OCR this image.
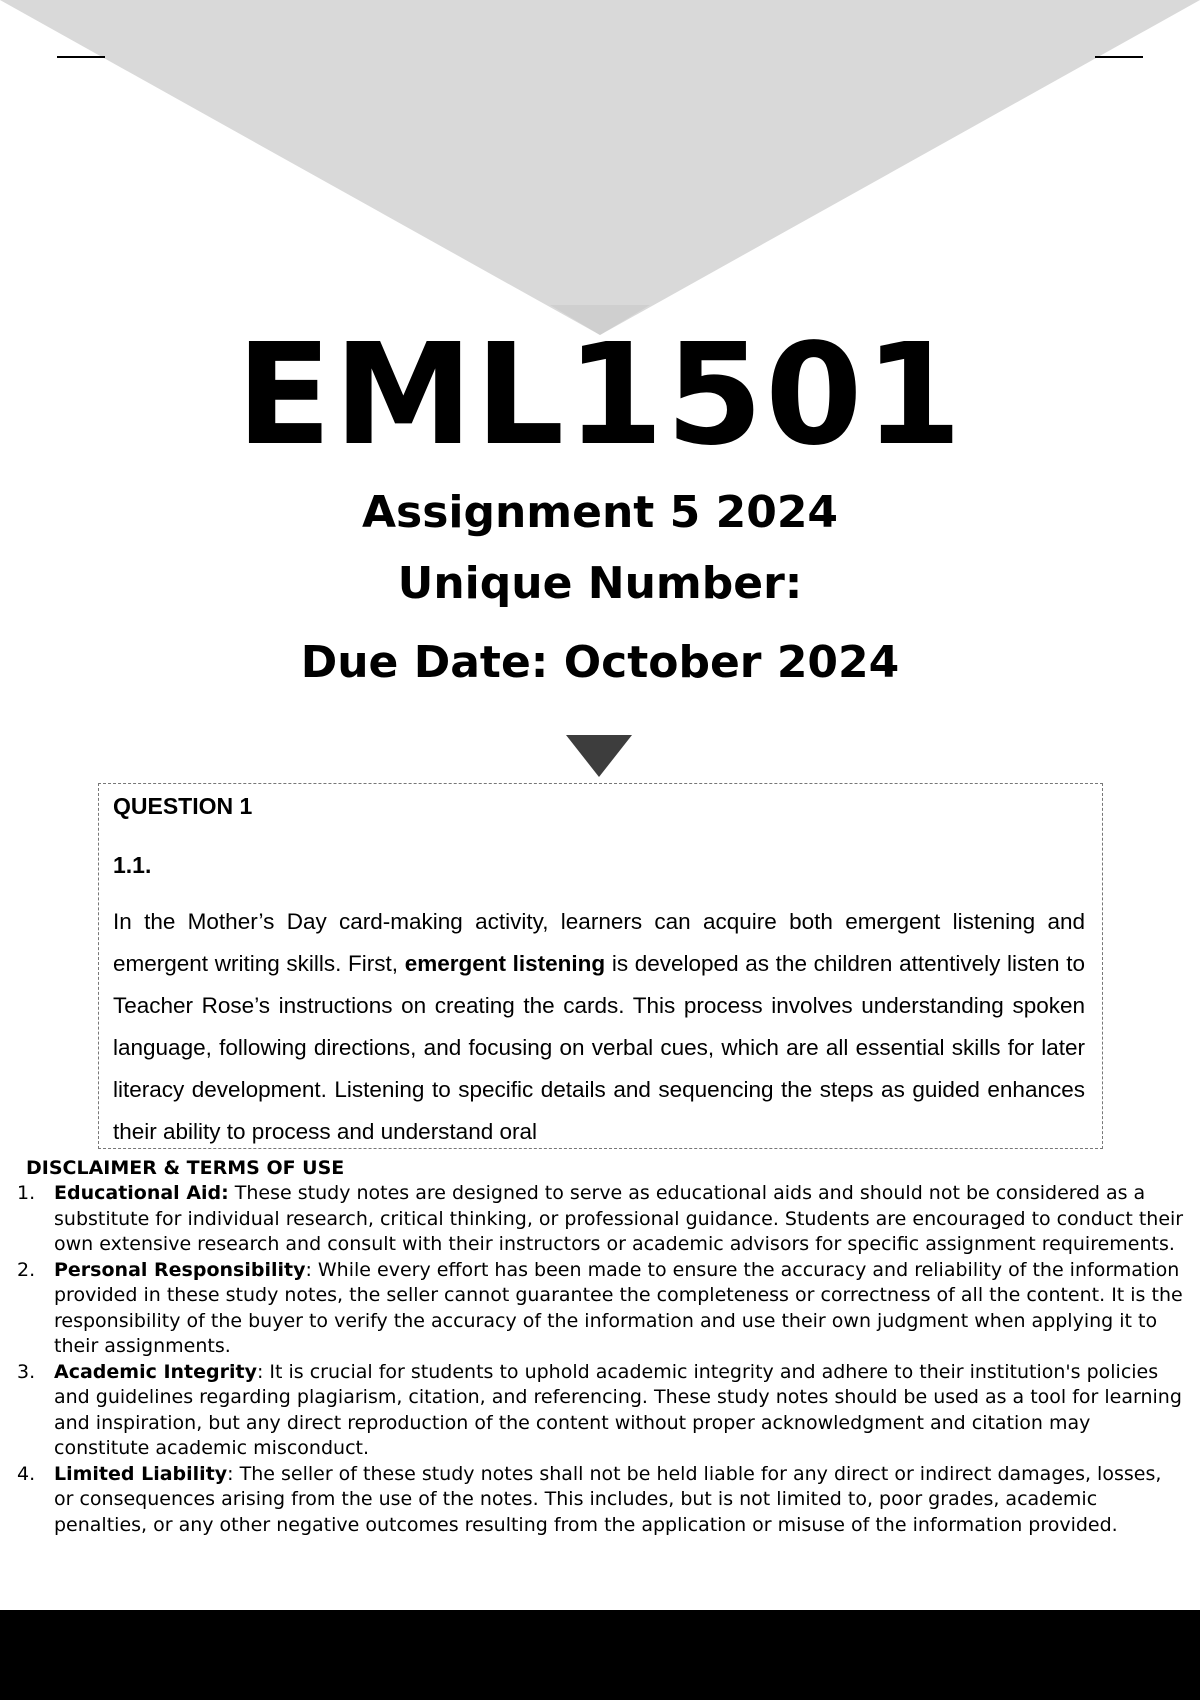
EML1501

Assignment 5 2024

Unique Number:

Due Date: October 2024

QUESTION 1

1.1.

In the Mother’s Day card-making activity, learners can acquire both emergent listening and emergent writing skills. First, emergent listening is developed as the children attentively listen to Teacher Rose’s instructions on creating the cards. This process involves understanding spoken language, following directions, and focusing on verbal cues, which are all essential skills for later literacy development. Listening to specific details and sequencing the steps as guided enhances their ability to process and understand oral

DISCLAIMER & TERMS OF USE

1. Educational Aid: These study notes are designed to serve as educational aids and should not be considered as a substitute for individual research, critical thinking, or professional guidance. Students are encouraged to conduct their own extensive research and consult with their instructors or academic advisors for specific assignment requirements.
2. Personal Responsibility: While every effort has been made to ensure the accuracy and reliability of the information provided in these study notes, the seller cannot guarantee the completeness or correctness of all the content. It is the responsibility of the buyer to verify the accuracy of the information and use their own judgment when applying it to their assignments.
3. Academic Integrity: It is crucial for students to uphold academic integrity and adhere to their institution's policies and guidelines regarding plagiarism, citation, and referencing. These study notes should be used as a tool for learning and inspiration, but any direct reproduction of the content without proper acknowledgment and citation may constitute academic misconduct.
4. Limited Liability: The seller of these study notes shall not be held liable for any direct or indirect damages, losses, or consequences arising from the use of the notes. This includes, but is not limited to, poor grades, academic penalties, or any other negative outcomes resulting from the application or misuse of the information provided.
